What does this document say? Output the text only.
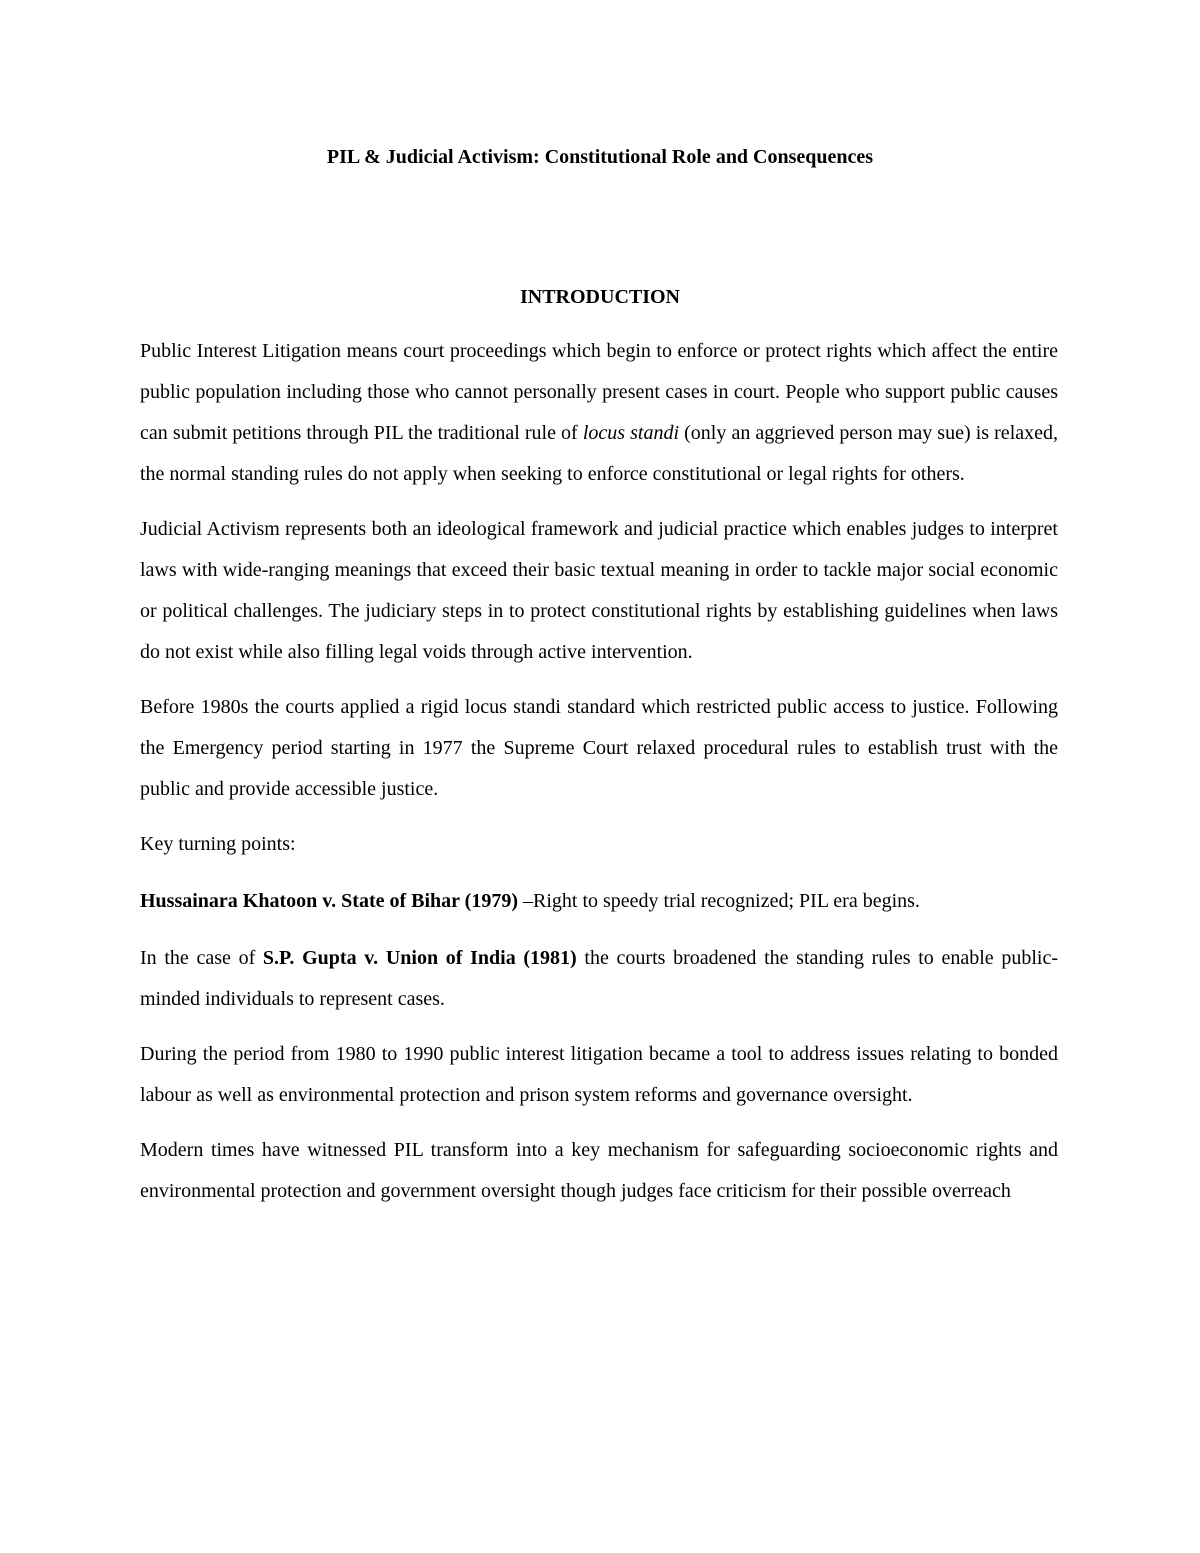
PIL & Judicial Activism: Constitutional Role and Consequences
INTRODUCTION

Public Interest Litigation means court proceedings which begin to enforce or protect rights which affect the entire public population including those who cannot personally present cases in court. People who support public causes can submit petitions through PIL the traditional rule of locus standi (only an aggrieved person may sue) is relaxed, the normal standing rules do not apply when seeking to enforce constitutional or legal rights for others.

Judicial Activism represents both an ideological framework and judicial practice which enables judges to interpret laws with wide-ranging meanings that exceed their basic textual meaning in order to tackle major social economic or political challenges. The judiciary steps in to protect constitutional rights by establishing guidelines when laws do not exist while also filling legal voids through active intervention.

Before 1980s the courts applied a rigid locus standi standard which restricted public access to justice. Following the Emergency period starting in 1977 the Supreme Court relaxed procedural rules to establish trust with the public and provide accessible justice.

Key turning points:

Hussainara Khatoon v. State of Bihar (1979) –Right to speedy trial recognized; PIL era begins.

In the case of S.P. Gupta v. Union of India (1981) the courts broadened the standing rules to enable public-minded individuals to represent cases.

During the period from 1980 to 1990 public interest litigation became a tool to address issues relating to bonded labour as well as environmental protection and prison system reforms and governance oversight.

Modern times have witnessed PIL transform into a key mechanism for safeguarding socioeconomic rights and environmental protection and government oversight though judges face criticism for their possible overreach
